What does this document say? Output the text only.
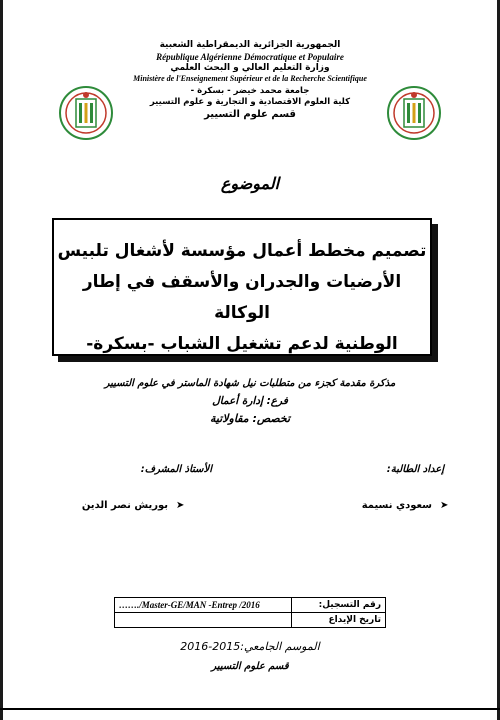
الجمهورية الجزائرية الديمقراطية الشعبية
République Algérienne Démocratique et Populaire
وزارة التعليم العالي و البحث العلمي
Ministère de l'Enseignement Supérieur et de la Recherche Scientifique
جامعة محمد خيضر - بسكرة -
كلية العلوم الاقتصادية و التجارية و علوم التسيير
قسم علوم التسيير
الموضوع
تصميم مخطط أعمال مؤسسة لأشغال تلبيس
الأرضيات والجدران والأسقف في إطار الوكالة
الوطنية لدعم تشغيل الشباب -بسكرة-
مذكرة مقدمة كجزء من متطلبات نيل شهادة الماستر في علوم التسيير
فرع: إدارة أعمال
تخصص: مقاولاتية
إعداد الطالبة:
الأستاذ المشرف:
➤
سعودي نسيمة
➤
بوريش نصر الدين
……./Master-GE/MAN -Entrep /2016	رقم التسجيل:
	تاريخ الإيداع
الموسم الجامعي:2015-2016
قسم علوم التسيير
